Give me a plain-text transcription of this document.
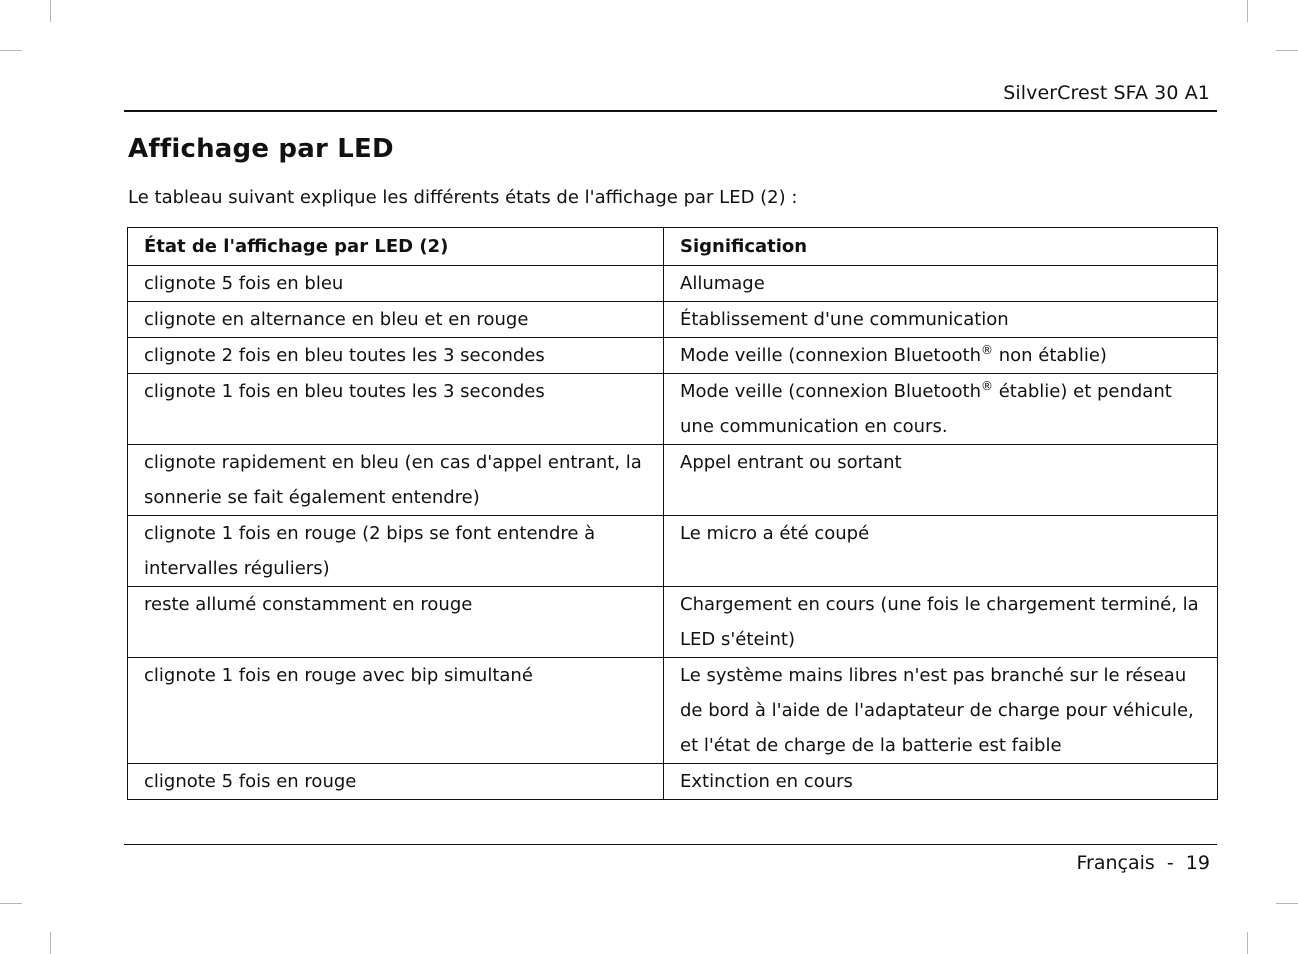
SilverCrest SFA 30 A1
Affichage par LED
Le tableau suivant explique les différents états de l'affichage par LED (2) :
État de l'affichage par LED (2)	Signification
clignote 5 fois en bleu	Allumage
clignote en alternance en bleu et en rouge	Établissement d'une communication
clignote 2 fois en bleu toutes les 3 secondes	Mode veille (connexion Bluetooth® non établie)
clignote 1 fois en bleu toutes les 3 secondes	Mode veille (connexion Bluetooth® établie) et pendant une communication en cours.
clignote rapidement en bleu (en cas d'appel entrant, la sonnerie se fait également entendre)	Appel entrant ou sortant
clignote 1 fois en rouge (2 bips se font entendre à intervalles réguliers)	Le micro a été coupé
reste allumé constamment en rouge	Chargement en cours (une fois le chargement terminé, la LED s'éteint)
clignote 1 fois en rouge avec bip simultané	Le système mains libres n'est pas branché sur le réseau de bord à l'aide de l'adaptateur de charge pour véhicule, et l'état de charge de la batterie est faible
clignote 5 fois en rouge	Extinction en cours
Français  -  19
